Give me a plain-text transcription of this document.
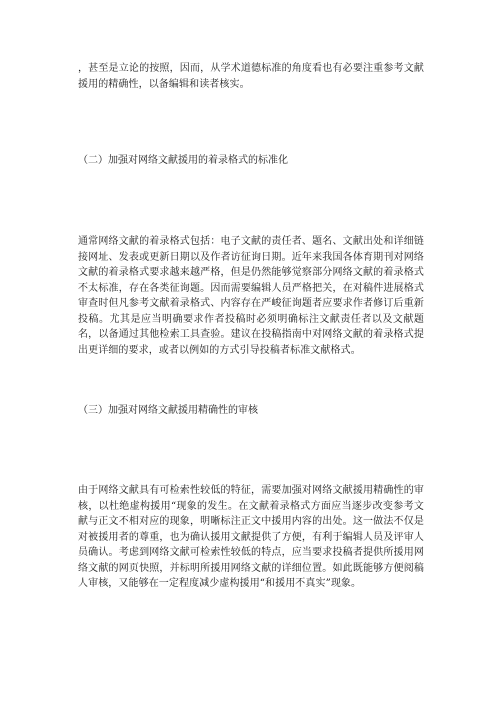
，甚至是立论的按照，因而，从学术道德标准的角度看也有必要注重参考文献援用的精确性，以备编辑和读者核实。

（二）加强对网络文献援用的着录格式的标准化

通常网络文献的着录格式包括：电子文献的责任者、题名、文献出处和详细链接网址、发表或更新日期以及作者访征询日期。近年来我国各体育期刊对网络文献的着录格式要求越来越严格，但是仍然能够觉察部分网络文献的着录格式不太标准，存在各类征询题。因而需要编辑人员严格把关，在对稿件进展格式审查时但凡参考文献着录格式、内容存在严峻征询题者应要求作者修订后重新投稿。尤其是应当明确要求作者投稿时必须明确标注文献责任者以及文献题名，以备通过其他检索工具查验。建议在投稿指南中对网络文献的着录格式提出更详细的要求，或者以例如的方式引导投稿者标准文献格式。

（三）加强对网络文献援用精确性的审核

由于网络文献具有可检索性较低的特征，需要加强对网络文献援用精确性的审核，以杜绝虚构援用“现象的发生。在文献着录格式方面应当逐步改变参考文献与正文不相对应的现象，明晰标注正文中援用内容的出处。这一做法不仅是对被援用者的尊重，也为确认援用文献提供了方便，有利于编辑人员及评审人员确认。考虑到网络文献可检索性较低的特点，应当要求投稿者提供所援用网络文献的网页快照，并标明所援用网络文献的详细位置。如此既能够方便阅稿人审核，又能够在一定程度减少虚构援用“和援用不真实”现象。
